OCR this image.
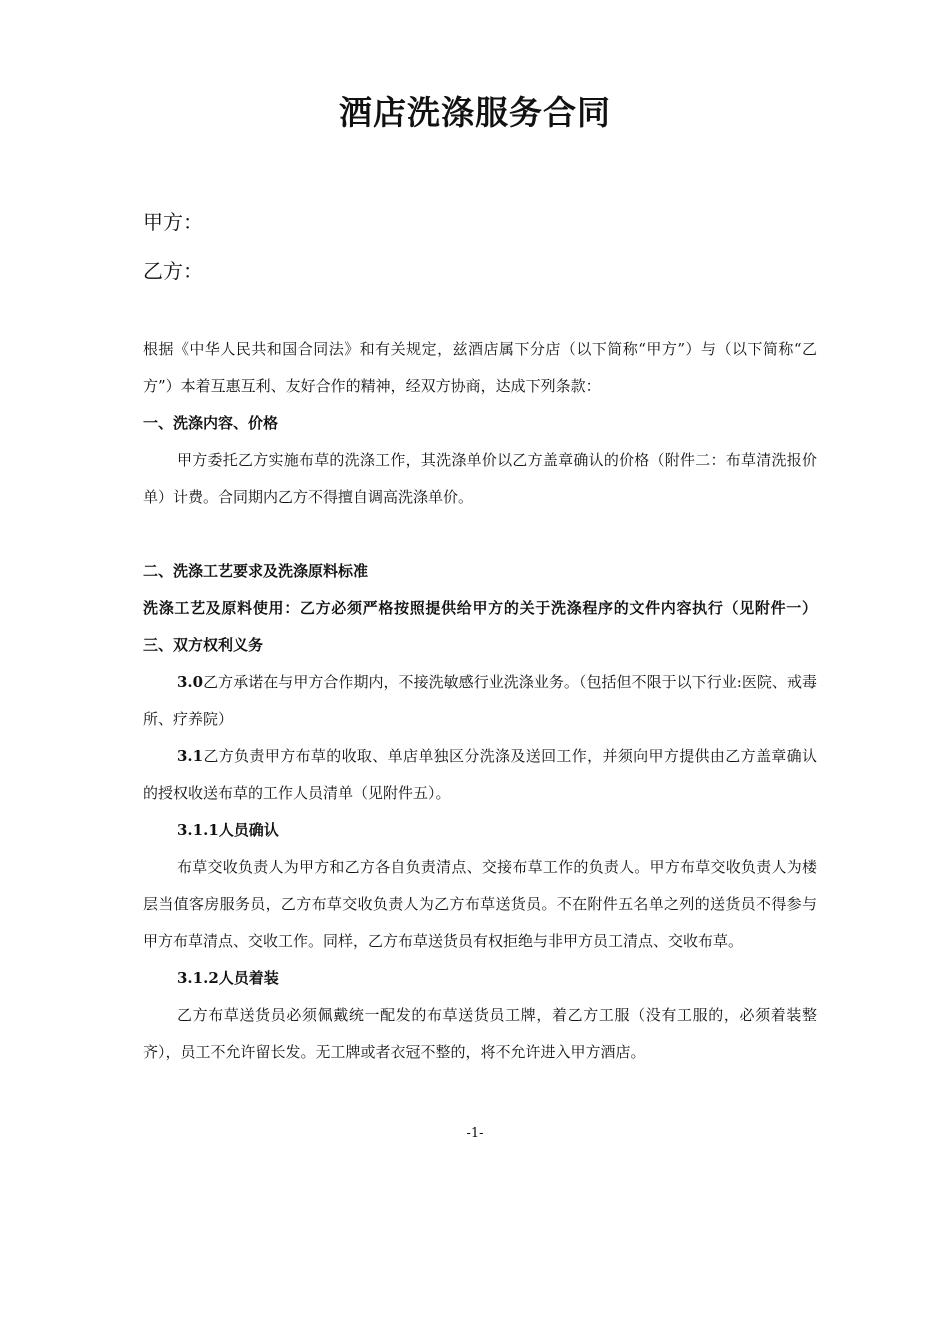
酒店洗涤服务合同
甲方：
乙方：

根据《中华人民共和国合同法》和有关规定，兹酒店属下分店（以下简称“甲方”）与（以下简称“乙方”）本着互惠互利、友好合作的精神，经双方协商，达成下列条款：

一、洗涤内容、价格

甲方委托乙方实施布草的洗涤工作，其洗涤单价以乙方盖章确认的价格（附件二：布草清洗报价单）计费。合同期内乙方不得擅自调高洗涤单价。

二、洗涤工艺要求及洗涤原料标准

洗涤工艺及原料使用：乙方必须严格按照提供给甲方的关于洗涤程序的文件内容执行（见附件一）三、双方权利义务

3.0乙方承诺在与甲方合作期内，不接洗敏感行业洗涤业务。（包括但不限于以下行业:医院、戒毒所、疗养院）

3.1乙方负责甲方布草的收取、单店单独区分洗涤及送回工作，并须向甲方提供由乙方盖章确认的授权收送布草的工作人员清单（见附件五）。

3.1.1人员确认

布草交收负责人为甲方和乙方各自负责清点、交接布草工作的负责人。甲方布草交收负责人为楼层当值客房服务员，乙方布草交收负责人为乙方布草送货员。不在附件五名单之列的送货员不得参与甲方布草清点、交收工作。同样，乙方布草送货员有权拒绝与非甲方员工清点、交收布草。

3.1.2人员着装

乙方布草送货员必须佩戴统一配发的布草送货员工牌，着乙方工服（没有工服的，必须着装整齐），员工不允许留长发。无工牌或者衣冠不整的，将不允许进入甲方酒店。

-1-
